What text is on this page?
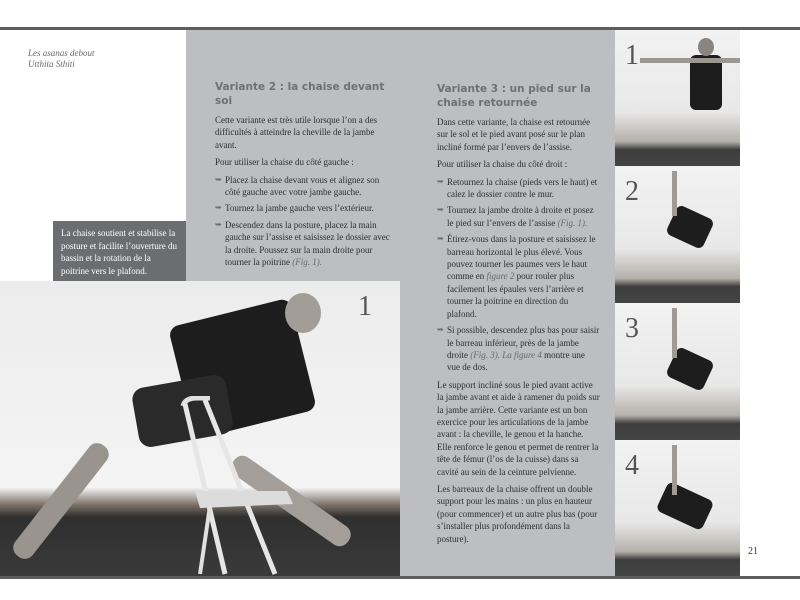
Les asanas debout
Utthita Sthiti
La chaise soutient et stabilise la posture et facilite l’ouverture du bassin et la rotation de la poitrine vers le plafond.
1
Variante 2 : la chaise devant soi

Cette variante est très utile lorsque l’on a des difficultés à atteindre la cheville de la jambe avant.

Pour utiliser la chaise du côté gauche :

➥ Placez la chaise devant vous et alignez son côté gauche avec votre jambe gauche.
➥ Tournez la jambe gauche vers l’extérieur.
➥ Descendez dans la posture, placez la main gauche sur l’assise et saisissez le dossier avec la droite. Poussez sur la main droite pour tourner la poitrine (Fig. 1).
Variante 3 : un pied sur la chaise retournée

Dans cette variante, la chaise est retournée sur le sol et le pied avant posé sur le plan incliné formé par l’envers de l’assise.

Pour utiliser la chaise du côté droit :

➥ Retournez la chaise (pieds vers le haut) et calez le dossier contre le mur.
➥ Tournez la jambe droite à droite et posez le pied sur l’envers de l’assise (Fig. 1).
➥ Étirez-vous dans la posture et saisissez le barreau horizontal le plus élevé. Vous pouvez tourner les paumes vers le haut comme en figure 2 pour rouler plus facilement les épaules vers l’arrière et tourner la poitrine en direction du plafond.
➥ Si possible, descendez plus bas pour saisir le barreau inférieur, près de la jambe droite (Fig. 3). La figure 4 montre une vue de dos.

Le support incliné sous le pied avant active la jambe avant et aide à ramener du poids sur la jambe arrière. Cette variante est un bon exercice pour les articulations de la jambe avant : la cheville, le genou et la hanche. Elle renforce le genou et permet de rentrer la tête de fémur (l’os de la cuisse) dans sa cavité au sein de la ceinture pelvienne.

Les barreaux de la chaise offrent un double support pour les mains : un plus en hauteur (pour commencer) et un autre plus bas (pour s’installer plus profondément dans la posture).

1
2
3
4
21
